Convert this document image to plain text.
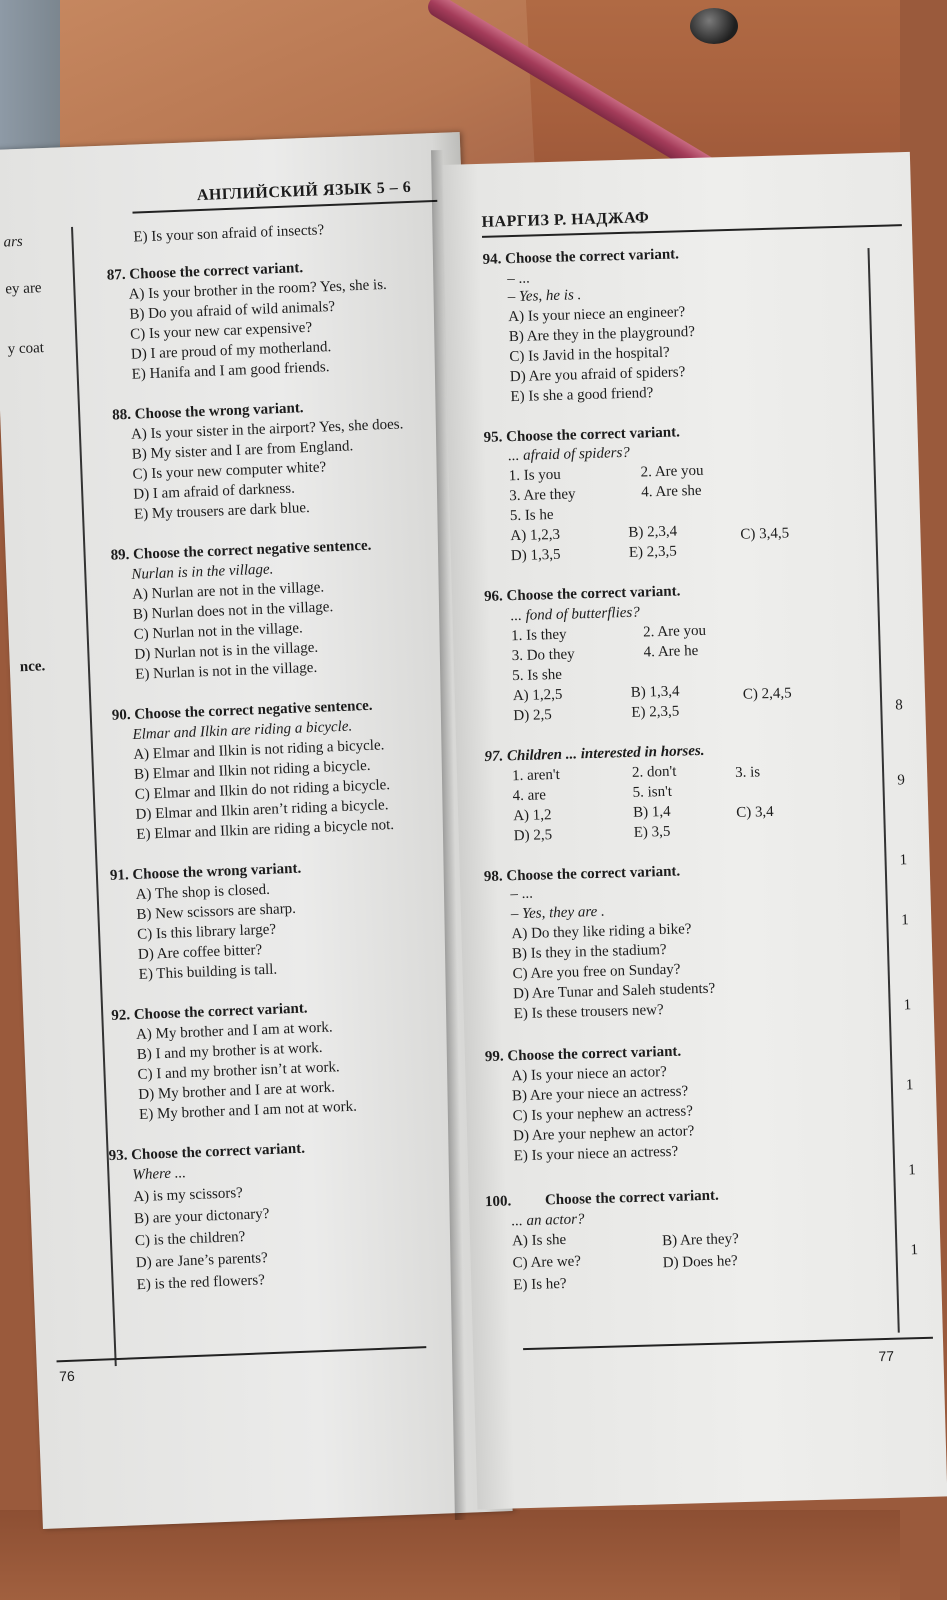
АНГЛИЙСКИЙ ЯЗЫК 5 – 6
ars
ey are
y coat
nce.
E) Is your son afraid of insects?
87. Choose the correct variant.
A) Is your brother in the room? Yes, she is.
B) Do you afraid of wild animals?
C) Is your new car expensive?
D) I are proud of my motherland.
E) Hanifa and I am good friends.
88. Choose the wrong variant.
A) Is your sister in the airport? Yes, she does.
B) My sister and I are from England.
C) Is your new computer white?
D) I am afraid of darkness.
E) My trousers are dark blue.
89. Choose the correct negative sentence.
Nurlan is in the village.
A) Nurlan are not in the village.
B) Nurlan does not in the village.
C) Nurlan not in the village.
D) Nurlan not is in the village.
E) Nurlan is not in the village.
90. Choose the correct negative sentence.
Elmar and Ilkin are riding a bicycle.
A) Elmar and Ilkin is not riding a bicycle.
B) Elmar and Ilkin not riding a bicycle.
C) Elmar and Ilkin do not riding a bicycle.
D) Elmar and Ilkin aren’t riding a bicycle.
E) Elmar and Ilkin are riding a bicycle not.
91. Choose the wrong variant.
A) The shop is closed.
B) New scissors are sharp.
C) Is this library large?
D) Are coffee bitter?
E) This building is tall.
92. Choose the correct variant.
A) My brother and I am at work.
B) I and my brother is at work.
C) I and my brother isn’t at work.
D) My brother and I are at work.
E) My brother and I am not at work.
93. Choose the correct variant.
Where ...
A) is my scissors?
B) are your dictonary?
C) is the children?
D) are Jane’s parents?
E) is the red flowers?
76
НАРГИЗ Р. НАДЖАФ
8
9
1
1
1
1
1
1
94. Choose the correct variant.
– ...
– Yes, he is .
A) Is your niece an engineer?
B) Are they in the playground?
C) Is Javid in the hospital?
D) Are you afraid of spiders?
E) Is she a good friend?
95. Choose the correct variant.
... afraid of spiders?
1. Is you	2. Are you
3. Are they	4. Are she
5. Is he
A) 1,2,3	B) 2,3,4	C) 3,4,5
D) 1,3,5	E) 2,3,5
96. Choose the correct variant.
... fond of butterflies?
1. Is they	2. Are you
3. Do they	4. Are he
5. Is she
A) 1,2,5	B) 1,3,4	C) 2,4,5
D) 2,5	E) 2,3,5
97. Children ... interested in horses.
1. aren't	2. don't	3. is
4. are	5. isn't
A) 1,2	B) 1,4	C) 3,4
D) 2,5	E) 3,5
98. Choose the correct variant.
– ...
– Yes, they are .
A) Do they like riding a bike?
B) Is they in the stadium?
C) Are you free on Sunday?
D) Are Tunar and Saleh students?
E) Is these trousers new?
99. Choose the correct variant.
A) Is your niece an actor?
B) Are your niece an actress?
C) Is your nephew an actress?
D) Are your nephew an actor?
E) Is your niece an actress?
100. Choose the correct variant.
... an actor?
A) Is she	B) Are they?
C) Are we?	D) Does he?
E) Is he?
77
